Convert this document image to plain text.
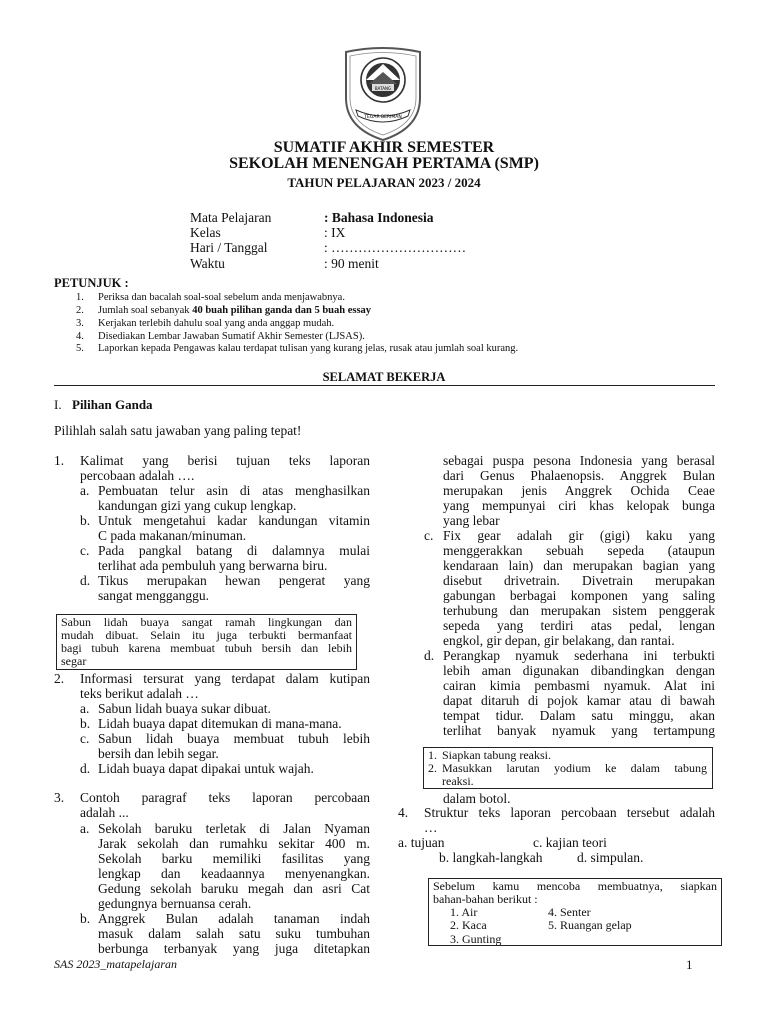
BATANG
TEGAR BERIMAN
SUMATIF AKHIR SEMESTER
SEKOLAH MENENGAH PERTAMA (SMP)
TAHUN PELAJARAN 2023 / 2024
Mata Pelajaran	: Bahasa Indonesia
Kelas	: IX
Hari / Tanggal	: …………………………
Waktu	: 90 menit
PETUNJUK :
1. Periksa dan bacalah soal-soal sebelum anda menjawabnya.
2. Jumlah soal sebanyak 40 buah pilihan ganda dan 5 buah essay
3. Kerjakan terlebih dahulu soal yang anda anggap mudah.
4. Disediakan Lembar Jawaban Sumatif Akhir Semester (LJSAS).
5. Laporkan kepada Pengawas kalau terdapat tulisan yang kurang jelas, rusak atau jumlah soal kurang.
SELAMAT BEKERJA
I. Pilihan Ganda
Pilihlah salah satu jawaban yang paling tepat!
1. Kalimat yang berisi tujuan teks laporan
percobaan adalah ….
a. Pembuatan telur asin di atas menghasilkan
kandungan gizi yang cukup lengkap.
b. Untuk mengetahui kadar kandungan vitamin
C pada makanan/minuman.
c. Pada pangkal batang di dalamnya mulai
terlihat ada pembuluh yang berwarna biru.
d. Tikus merupakan hewan pengerat yang
sangat mengganggu.
Sabun lidah buaya sangat ramah lingkungan dan
mudah dibuat. Selain itu juga terbukti bermanfaat
bagi tubuh karena membuat tubuh bersih dan lebih
segar
2. Informasi tersurat yang terdapat dalam kutipan
teks berikut adalah …
a. Sabun lidah buaya sukar dibuat.
b. Lidah buaya dapat ditemukan di mana-mana.
c. Sabun lidah buaya membuat tubuh lebih
bersih dan lebih segar.
d. Lidah buaya dapat dipakai untuk wajah.
3. Contoh paragraf teks laporan percobaan
adalah ...
a. Sekolah baruku terletak di Jalan Nyaman
Jarak sekolah dan rumahku sekitar 400 m.
Sekolah barku memiliki fasilitas yang
lengkap dan keadaannya menyenangkan.
Gedung sekolah baruku megah dan asri Cat
gedungnya bernuansa cerah.
b. Anggrek Bulan adalah tanaman indah
masuk dalam salah satu suku tumbuhan
berbunga terbanyak yang juga ditetapkan
sebagai puspa pesona Indonesia yang berasal
dari Genus Phalaenopsis. Anggrek Bulan
merupakan jenis Anggrek Ochida Ceae
yang mempunyai ciri khas kelopak bunga
yang lebar
c. Fix gear adalah gir (gigi) kaku yang
menggerakkan sebuah sepeda (ataupun
kendaraan lain) dan merupakan bagian yang
disebut drivetrain. Divetrain merupakan
gabungan berbagai komponen yang saling
terhubung dan merupakan sistem penggerak
sepeda yang terdiri atas pedal, lengan
engkol, gir depan, gir belakang, dan rantai.
d. Perangkap nyamuk sederhana ini terbukti
lebih aman digunakan dibandingkan dengan
cairan kimia pembasmi nyamuk. Alat ini
dapat ditaruh di pojok kamar atau di bawah
tempat tidur. Dalam satu minggu, akan
terlihat banyak nyamuk yang tertampung
1. Siapkan tabung reaksi.
2. Masukkan larutan yodium ke dalam tabung
reaksi.
dalam botol.
4. Struktur teks laporan percobaan tersebut adalah
…
a. tujuan	c. kajian teori
b. langkah-langkah	d. simpulan.
Sebelum kamu mencoba membuatnya, siapkan
bahan-bahan berikut :
1. Air
2. Kaca
3. Gunting
4. Senter
5. Ruangan gelap
SAS 2023_matapelajaran	1
